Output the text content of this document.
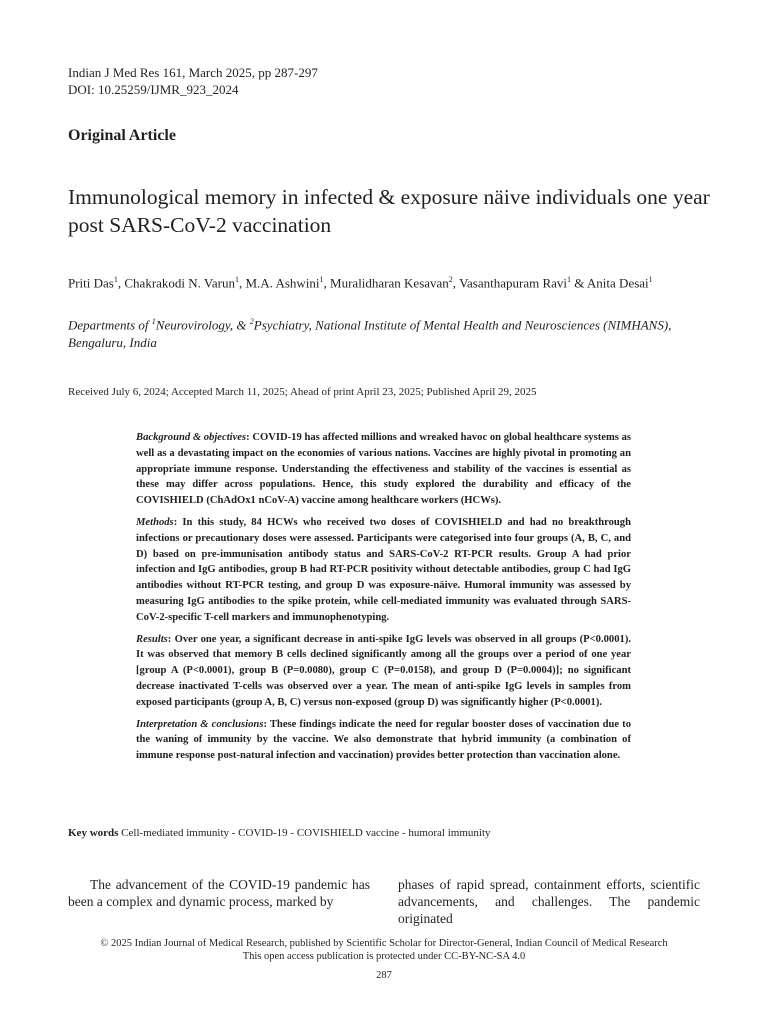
Indian J Med Res 161, March 2025, pp 287-297
DOI: 10.25259/IJMR_923_2024
Original Article
Immunological memory in infected & exposure näive individuals one year post SARS-CoV-2 vaccination
Priti Das$^1$, Chakrakodi N. Varun$^1$, M.A. Ashwini$^1$, Muralidharan Kesavan$^2$, Vasanthapuram Ravi$^1$ & Anita Desai$^1$
Departments of $^1$Neurovirology, & $^2$Psychiatry, National Institute of Mental Health and Neurosciences (NIMHANS), Bengaluru, India
Received July 6, 2024; Accepted March 11, 2025; Ahead of print April 23, 2025; Published April 29, 2025

Background & objectives: COVID-19 has affected millions and wreaked havoc on global healthcare systems as well as a devastating impact on the economies of various nations. Vaccines are highly pivotal in promoting an appropriate immune response. Understanding the effectiveness and stability of the vaccines is essential as these may differ across populations. Hence, this study explored the durability and efficacy of the COVISHIELD (ChAdOx1 nCoV-A) vaccine among healthcare workers (HCWs).

Methods: In this study, 84 HCWs who received two doses of COVISHIELD and had no breakthrough infections or precautionary doses were assessed. Participants were categorised into four groups (A, B, C, and D) based on pre-immunisation antibody status and SARS-CoV-2 RT-PCR results. Group A had prior infection and IgG antibodies, group B had RT-PCR positivity without detectable antibodies, group C had IgG antibodies without RT-PCR testing, and group D was exposure-näive. Humoral immunity was assessed by measuring IgG antibodies to the spike protein, while cell-mediated immunity was evaluated through SARS-CoV-2-specific T-cell markers and immunophenotyping.

Results: Over one year, a significant decrease in anti-spike IgG levels was observed in all groups (P<0.0001). It was observed that memory B cells declined significantly among all the groups over a period of one year [group A (P<0.0001), group B (P=0.0080), group C (P=0.0158), and group D (P=0.0004)]; no significant decrease inactivated T-cells was observed over a year. The mean of anti-spike IgG levels in samples from exposed participants (group A, B, C) versus non-exposed (group D) was significantly higher (P<0.0001).

Interpretation & conclusions: These findings indicate the need for regular booster doses of vaccination due to the waning of immunity by the vaccine. We also demonstrate that hybrid immunity (a combination of immune response post-natural infection and vaccination) provides better protection than vaccination alone.

Key words Cell-mediated immunity - COVID-19 - COVISHIELD vaccine - humoral immunity
The advancement of the COVID-19 pandemic has been a complex and dynamic process, marked by
phases of rapid spread, containment efforts, scientific advancements, and challenges. The pandemic originated
© 2025 Indian Journal of Medical Research, published by Scientific Scholar for Director-General, Indian Council of Medical Research
This open access publication is protected under CC-BY-NC-SA 4.0
287
